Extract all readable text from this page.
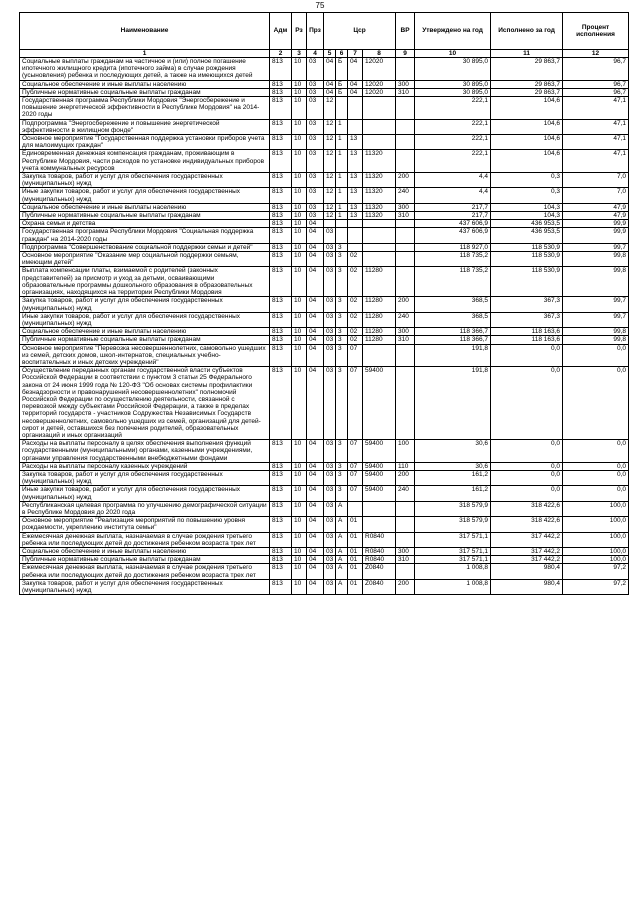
75
Наименование	Адм	Рз	Прз	Цср				ВР	Утверждено на год	Исполнено за год	Процент исполнения
1	2	3	4	5	6	7	8	9	10	11	12
Социальные выплаты гражданам на частичное и (или) полное погашение ипотечного жилищного кредита (ипотечного займа) в случае рождения (усыновления) ребенка и последующих детей, а также на имеющихся детей	813	10	03	04	Б	04	12020		30 895,0	29 863,7	96,7
Социальное обеспечение и иные выплаты населению	813	10	03	04	Б	04	12020	300	30 895,0	29 863,7	96,7
Публичные нормативные социальные выплаты гражданам	813	10	03	04	Б	04	12020	310	30 895,0	29 863,7	96,7
Государственная программа Республики Мордовия "Энергосбережение и повышение энергетической эффективности в Республике Мордовия" на 2014-2020 годы	813	10	03	12					222,1	104,6	47,1
Подпрограмма "Энергосбережение и повышение энергетической эффективности в жилищном фонде"	813	10	03	12	1				222,1	104,6	47,1
Основное мероприятие "Государственная поддержка установки приборов учета для малоимущих граждан"	813	10	03	12	1	13			222,1	104,6	47,1
Единовременная денежная компенсация гражданам, проживающим в Республике Мордовия, части расходов по установке индивидуальных приборов учета коммунальных ресурсов	813	10	03	12	1	13	11320		222,1	104,6	47,1
Закупка товаров, работ и услуг для обеспечения государственных (муниципальных) нужд	813	10	03	12	1	13	11320	200	4,4	0,3	7,0
Иные закупки товаров, работ и услуг для обеспечения государственных (муниципальных) нужд	813	10	03	12	1	13	11320	240	4,4	0,3	7,0
Социальное обеспечение и иные выплаты населению	813	10	03	12	1	13	11320	300	217,7	104,3	47,9
Публичные нормативные социальные выплаты гражданам	813	10	03	12	1	13	11320	310	217,7	104,3	47,9
Охрана семьи и детства	813	10	04						437 606,9	436 953,5	99,9
Государственная программа Республики Мордовия "Социальная поддержка граждан" на 2014-2020 годы	813	10	04	03					437 606,9	436 953,5	99,9
Подпрограмма "Совершенствование социальной поддержки семьи и детей"	813	10	04	03	3				118 927,0	118 530,9	99,7
Основное мероприятие "Оказание мер социальной поддержки семьям, имеющим детей"	813	10	04	03	3	02			118 735,2	118 530,9	99,8
Выплата компенсации платы, взимаемой с родителей (законных представителей) за присмотр и уход за детьми, осваивающими образовательные программы дошкольного образования в образовательных организациях, находящихся на территории Республики Мордовия	813	10	04	03	3	02	11280		118 735,2	118 530,9	99,8
Закупка товаров, работ и услуг для обеспечения государственных (муниципальных) нужд	813	10	04	03	3	02	11280	200	368,5	367,3	99,7
Иные закупки товаров, работ и услуг для обеспечения государственных (муниципальных) нужд	813	10	04	03	3	02	11280	240	368,5	367,3	99,7
Социальное обеспечение и иные выплаты населению	813	10	04	03	3	02	11280	300	118 366,7	118 163,6	99,8
Публичные нормативные социальные выплаты гражданам	813	10	04	03	3	02	11280	310	118 366,7	118 163,6	99,8
Основное мероприятие "Перевозка несовершеннолетних, самовольно ушедших из семей, детских домов, школ-интернатов, специальных учебно-воспитательных и иных детских учреждений"	813	10	04	03	3	07			191,8	0,0	0,0
Осуществление переданных органам государственной власти субъектов Российской Федерации в соответствии с пунктом 3 статьи 25 Федерального закона от 24 июня 1999 года № 120-ФЗ "Об основах системы профилактики безнадзорности и правонарушений несовершеннолетних" полномочий Российской Федерации по осуществлению деятельности, связанной с перевозкой между субъектами Российской Федерации, а также в пределах территорий государств - участников Содружества Независимых Государств несовершеннолетних, самовольно ушедших из семей, организаций для детей-сирот и детей, оставшихся без попечения родителей, образовательных организаций и иных организаций	813	10	04	03	3	07	59400		191,8	0,0	0,0
Расходы на выплаты персоналу в целях обеспечения выполнения функций государственными (муниципальными) органами, казенными учреждениями, органами управления государственными внебюджетными фондами	813	10	04	03	3	07	59400	100	30,6	0,0	0,0
Расходы на выплаты персоналу казенных учреждений	813	10	04	03	3	07	59400	110	30,6	0,0	0,0
Закупка товаров, работ и услуг для обеспечения государственных (муниципальных) нужд	813	10	04	03	3	07	59400	200	161,2	0,0	0,0
Иные закупки товаров, работ и услуг для обеспечения государственных (муниципальных) нужд	813	10	04	03	3	07	59400	240	161,2	0,0	0,0
Республиканская целевая программа по улучшению демографической ситуации в Республике Мордовия до 2020 года	813	10	04	03	А				318 579,9	318 422,6	100,0
Основное мероприятие "Реализация мероприятий по повышению уровня рождаемости, укреплению института семьи"	813	10	04	03	А	01			318 579,9	318 422,6	100,0
Ежемесячная денежная выплата, назначаемая в случае рождения третьего ребенка или последующих детей до достижения ребенком возраста трех лет	813	10	04	03	А	01	R0840		317 571,1	317 442,2	100,0
Социальное обеспечение и иные выплаты населению	813	10	04	03	А	01	R0840	300	317 571,1	317 442,2	100,0
Публичные нормативные социальные выплаты гражданам	813	10	04	03	А	01	R0840	310	317 571,1	317 442,2	100,0
Ежемесячная денежная выплата, назначаемая в случае рождения третьего ребенка или последующих детей до достижения ребенком возраста трех лет	813	10	04	03	А	01	Z0840		1 008,8	980,4	97,2
Закупка товаров, работ и услуг для обеспечения государственных (муниципальных) нужд	813	10	04	03	А	01	Z0840	200	1 008,8	980,4	97,2
